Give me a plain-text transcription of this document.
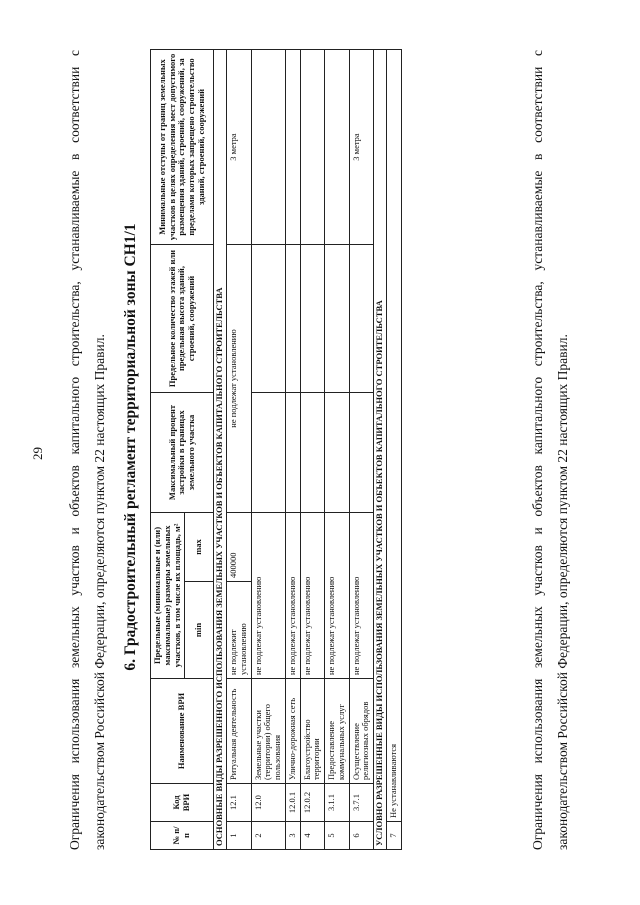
29	Ограничения использования земельных участков и объектов капитального строительства, устанавливаемые в соответствии с законодательством Российской Федерации, определяются пунктом 22 настоящих Правил. 6. Градостроительный регламент территориальной зоны СН1/1
№ п/п	Код ВРИ	Наименование ВРИ	Предельные (минимальные и (или) максимальные) размеры земельных участков, в том числе их площадь, м²		Максимальный процент застройки в границах земельного участка	Предельное количество этажей или предельная высота зданий, строений, сооружений	Минимальные отступы от границ земельных участков в целях определения мест допустимого размещения зданий, строений, сооружений, за пределами которых запрещено строительство зданий, строений, сооружений
			min	max			
ОСНОВНЫЕ ВИДЫ РАЗРЕШЕННОГО ИСПОЛЬЗОВАНИЯ ЗЕМЕЛЬНЫХ УЧАСТКОВ И ОБЪЕКТОВ КАПИТАЛЬНОГО СТРОИТЕЛЬСТВА							
1	12.1	Ритуальная деятельность	не подлежит установлению	400000	не подлежат установлению		3 метра
2	12.0	Земельные участки (территории) общего пользования	не подлежат установлению				
3	12.0.1	Улично-дорожная сеть	не подлежат установлению				
4	12.0.2	Благоустройство территории	не подлежат установлению				
5	3.1.1	Предоставление коммунальных услуг	не подлежат установлению				
6	3.7.1	Осуществление религиозных обрядов	не подлежат установлению				3 метра
УСЛОВНО РАЗРЕШЕННЫЕ ВИДЫ ИСПОЛЬЗОВАНИЯ ЗЕМЕЛЬНЫХ УЧАСТКОВ И ОБЪЕКТОВ КАПИТАЛЬНОГО СТРОИТЕЛЬСТВА							
7	Не устанавливаются							Ограничения использования земельных участков и объектов капитального строительства, устанавливаемые в соответствии с законодательством Российской Федерации, определяются пунктом 22 настоящих Правил.
